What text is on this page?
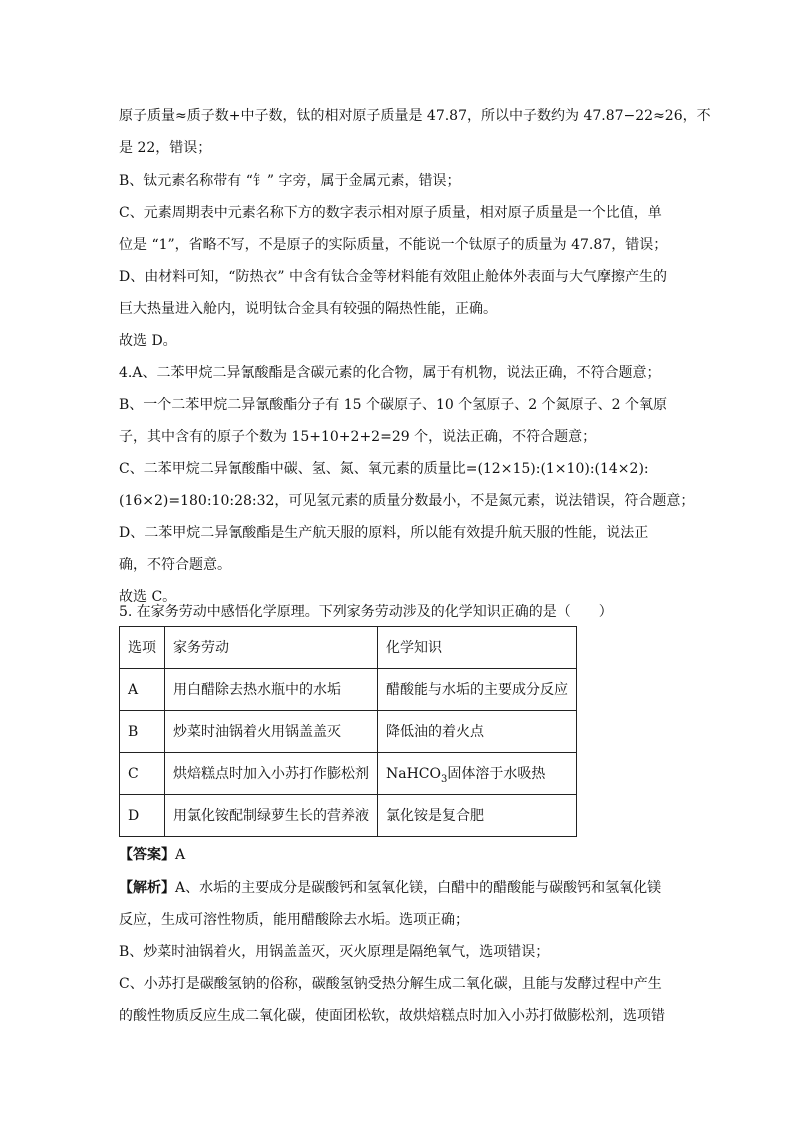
原子质量≈质子数+中子数，钛的相对原子质量是 47.87，所以中子数约为 47.87−22≈26，不
是 22，错误；
B、钛元素名称带有 “钅” 字旁，属于金属元素，错误；
C、元素周期表中元素名称下方的数字表示相对原子质量，相对原子质量是一个比值，单
位是 “1”，省略不写，不是原子的实际质量，不能说一个钛原子的质量为 47.87，错误；
D、由材料可知，“防热衣” 中含有钛合金等材料能有效阻止舱体外表面与大气摩擦产生的
巨大热量进入舱内，说明钛合金具有较强的隔热性能，正确。
故选 D。
4.A、二苯甲烷二异氰酸酯是含碳元素的化合物，属于有机物，说法正确，不符合题意；
B、一个二苯甲烷二异氰酸酯分子有 15 个碳原子、10 个氢原子、2 个氮原子、2 个氧原
子，其中含有的原子个数为 15+10+2+2=29 个，说法正确，不符合题意；
C、二苯甲烷二异氰酸酯中碳、氢、氮、氧元素的质量比=(12×15):(1×10):(14×2):
(16×2)=180:10:28:32，可见氢元素的质量分数最小，不是氮元素，说法错误，符合题意；
D、二苯甲烷二异氰酸酯是生产航天服的原料，所以能有效提升航天服的性能，说法正
确，不符合题意。
故选 C。
5. 在家务劳动中感悟化学原理。下列家务劳动涉及的化学知识正确的是（　　）
选项	家务劳动	化学知识
A	用白醋除去热水瓶中的水垢	醋酸能与水垢的主要成分反应
B	炒菜时油锅着火用锅盖盖灭	降低油的着火点
C	烘焙糕点时加入小苏打作膨松剂	NaHCO$_3$固体溶于水吸热
D	用氯化铵配制绿萝生长的营养液	氯化铵是复合肥
【答案】A
【解析】A、水垢的主要成分是碳酸钙和氢氧化镁，白醋中的醋酸能与碳酸钙和氢氧化镁
反应，生成可溶性物质，能用醋酸除去水垢。选项正确；
B、炒菜时油锅着火，用锅盖盖灭，灭火原理是隔绝氧气，选项错误；
C、小苏打是碳酸氢钠的俗称，碳酸氢钠受热分解生成二氧化碳，且能与发酵过程中产生
的酸性物质反应生成二氧化碳，使面团松软，故烘焙糕点时加入小苏打做膨松剂，选项错
